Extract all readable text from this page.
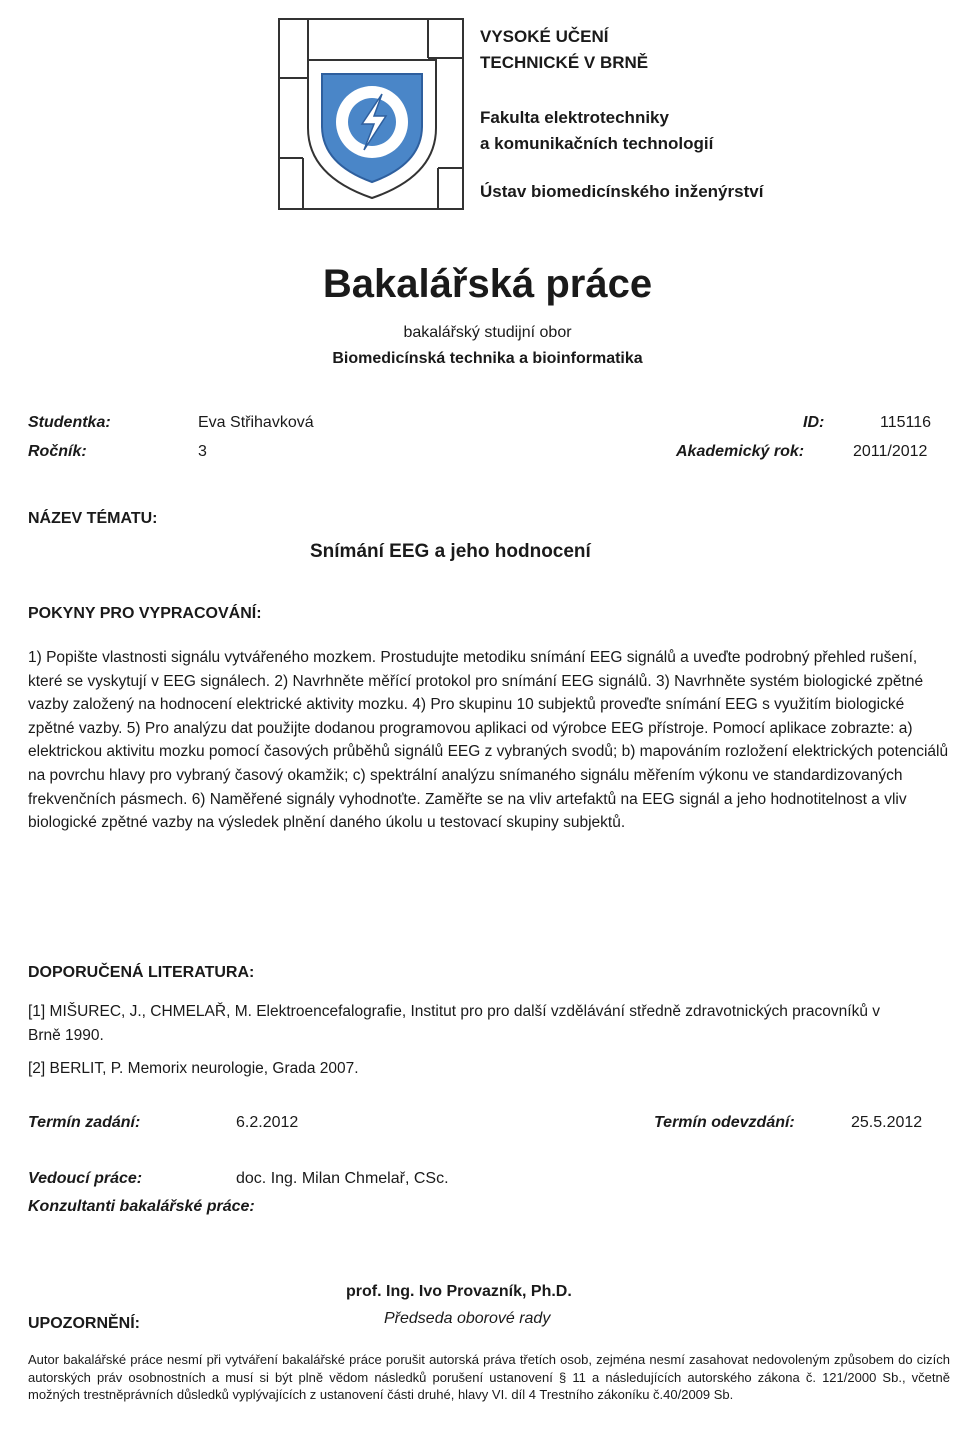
VYSOKÉ UČENÍ
TECHNICKÉ V BRNĚ
Fakulta elektrotechniky
a komunikačních technologií
Ústav biomedicínského inženýrství
Bakalářská práce
bakalářský studijní obor
Biomedicínská technika a bioinformatika
Studentka:	Eva Střihavková	ID:	115116
Ročník:	3	Akademický rok:	2011/2012
NÁZEV TÉMATU:
Snímání EEG a jeho hodnocení
POKYNY PRO VYPRACOVÁNÍ:
1) Popište vlastnosti signálu vytvářeného mozkem. Prostudujte metodiku snímání EEG signálů a uveďte podrobný přehled rušení, které se vyskytují v EEG signálech. 2) Navrhněte měřící protokol pro snímání EEG signálů. 3) Navrhněte systém biologické zpětné vazby založený na hodnocení elektrické aktivity mozku. 4) Pro skupinu 10 subjektů proveďte snímání EEG s využitím biologické zpětné vazby. 5) Pro analýzu dat použijte dodanou programovou aplikaci od výrobce EEG přístroje. Pomocí aplikace zobrazte: a) elektrickou aktivitu mozku pomocí časových průběhů signálů EEG z vybraných svodů; b) mapováním rozložení elektrických potenciálů na povrchu hlavy pro vybraný časový okamžik; c) spektrální analýzu snímaného signálu měřením výkonu ve standardizovaných frekvenčních pásmech. 6) Naměřené signály vyhodnoťte. Zaměřte se na vliv artefaktů na EEG signál a jeho hodnotitelnost a vliv biologické zpětné vazby na výsledek plnění daného úkolu u testovací skupiny subjektů.
DOPORUČENÁ LITERATURA:
[1] MIŠUREC, J., CHMELAŘ, M. Elektroencefalografie, Institut pro pro další vzdělávání středně zdravotnických pracovníků v Brně 1990.
[2] BERLIT, P. Memorix neurologie, Grada 2007.
Termín zadání:	6.2.2012	Termín odevzdání:	25.5.2012
Vedoucí práce:	doc. Ing. Milan Chmelař, CSc.
Konzultanti bakalářské práce:
prof. Ing. Ivo Provazník, Ph.D.
Předseda oborové rady
UPOZORNĚNÍ:
Autor bakalářské práce nesmí při vytváření bakalářské práce porušit autorská práva třetích osob, zejména nesmí zasahovat nedovoleným způsobem do cizích autorských práv osobnostních a musí si být plně vědom následků porušení ustanovení § 11 a následujících autorského zákona č. 121/2000 Sb., včetně možných trestněprávních důsledků vyplývajících z ustanovení části druhé, hlavy VI. díl 4 Trestního zákoníku č.40/2009 Sb.
